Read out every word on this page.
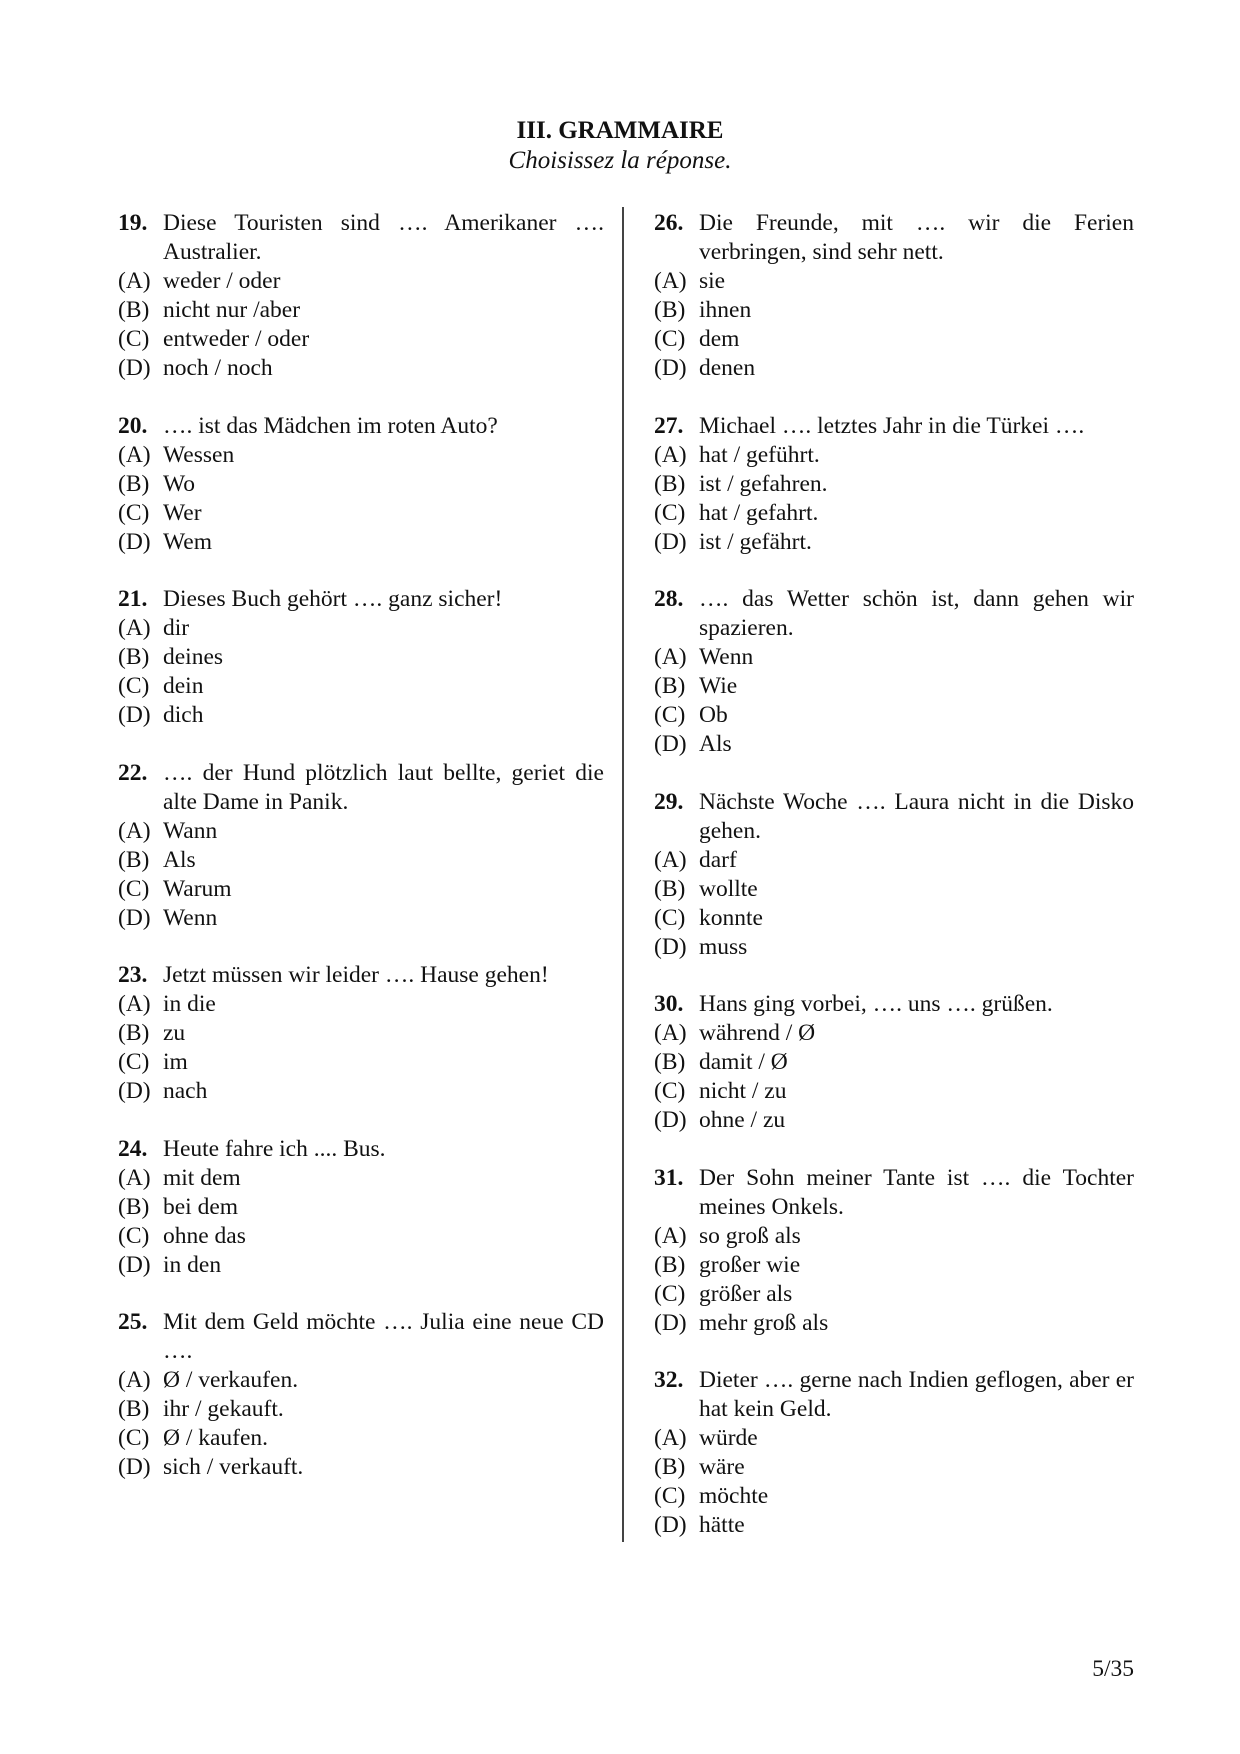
III. GRAMMAIRE
Choisissez la réponse.
19. Diese Touristen sind …. Amerikaner …. Australier.
(A) weder / oder
(B) nicht nur /aber
(C) entweder / oder
(D) noch / noch
20. …. ist das Mädchen im roten Auto?
(A) Wessen
(B) Wo
(C) Wer
(D) Wem
21. Dieses Buch gehört …. ganz sicher!
(A) dir
(B) deines
(C) dein
(D) dich
22. …. der Hund plötzlich laut bellte, geriet die alte Dame in Panik.
(A) Wann
(B) Als
(C) Warum
(D) Wenn
23. Jetzt müssen wir leider …. Hause gehen!
(A) in die
(B) zu
(C) im
(D) nach
24. Heute fahre ich .... Bus.
(A) mit dem
(B) bei dem
(C) ohne das
(D) in den
25. Mit dem Geld möchte …. Julia eine neue CD ….
(A) Ø / verkaufen.
(B) ihr / gekauft.
(C) Ø / kaufen.
(D) sich / verkauft.
26. Die Freunde, mit …. wir die Ferien verbringen, sind sehr nett.
(A) sie
(B) ihnen
(C) dem
(D) denen
27. Michael …. letztes Jahr in die Türkei ….
(A) hat / geführt.
(B) ist / gefahren.
(C) hat / gefahrt.
(D) ist / gefährt.
28. …. das Wetter schön ist, dann gehen wir spazieren.
(A) Wenn
(B) Wie
(C) Ob
(D) Als
29. Nächste Woche …. Laura nicht in die Disko gehen.
(A) darf
(B) wollte
(C) konnte
(D) muss
30. Hans ging vorbei, …. uns …. grüßen.
(A) während / Ø
(B) damit / Ø
(C) nicht / zu
(D) ohne / zu
31. Der Sohn meiner Tante ist …. die Tochter meines Onkels.
(A) so groß als
(B) großer wie
(C) größer als
(D) mehr groß als
32. Dieter …. gerne nach Indien geflogen, aber er hat kein Geld.
(A) würde
(B) wäre
(C) möchte
(D) hätte
5/35
